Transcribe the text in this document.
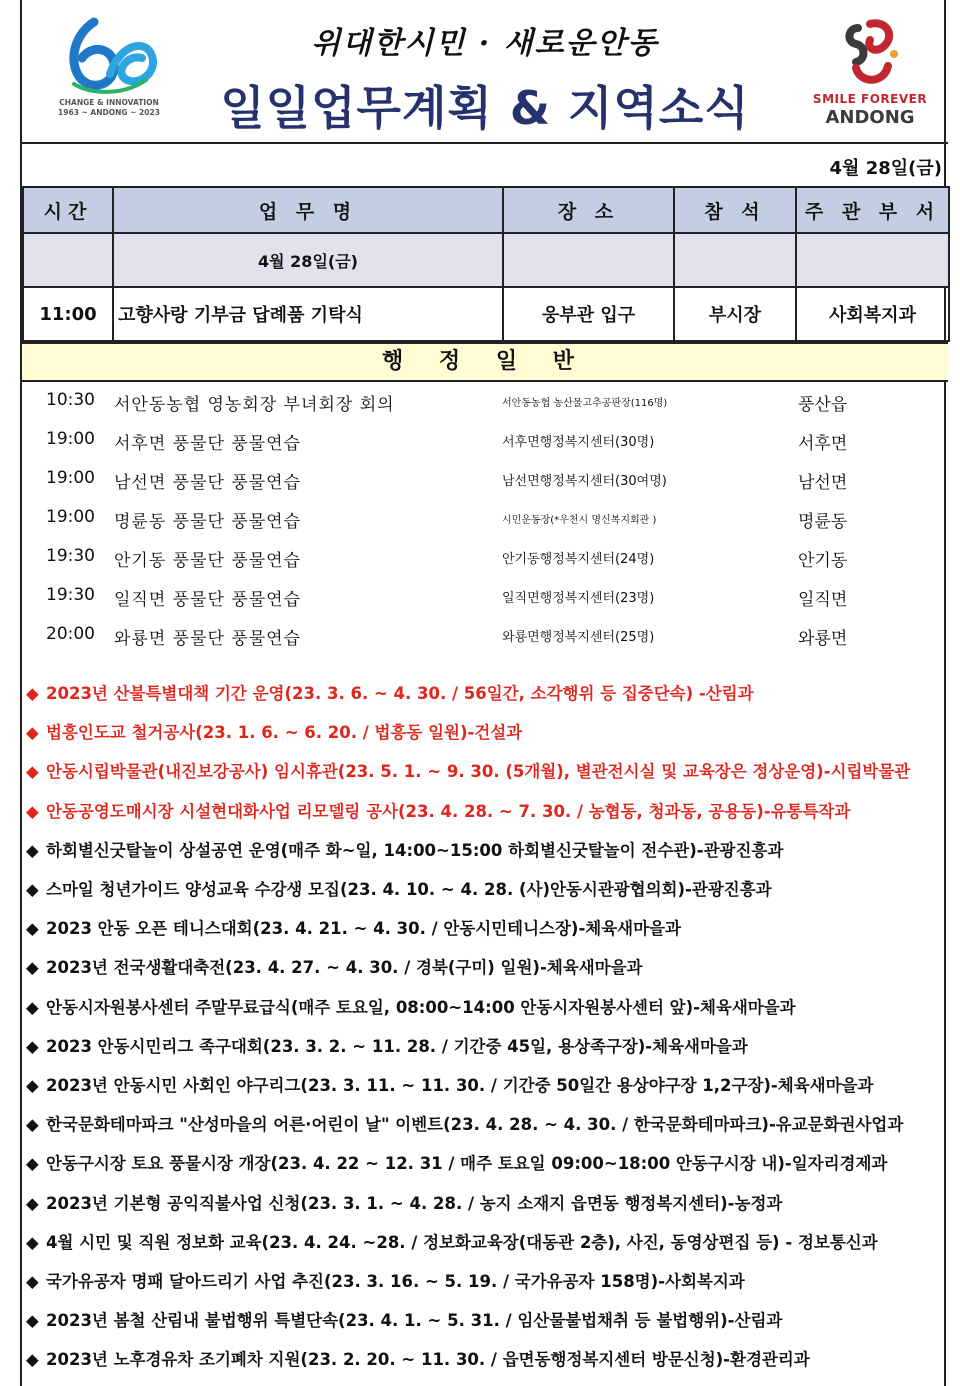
CHANGE & INNOVATION
1963 ~ ANDONG ~ 2023
위대한시민 · 새로운안동
일일업무계획 & 지역소식	SMILE FOREVER
ANDONG
4월 28일(금)
시간	업 무 명	장 소	참 석	주 관 부 서
	4월 28일(금)			
11:00	고향사랑 기부금 답례품 기탁식	웅부관 입구	부시장	사회복지과
행 정 일 반
10:30 서안동농협 영농회장 부녀회장 회의	서안동농협 농산물고추공판장(116명)	풍산읍
19:00 서후면 풍물단 풍물연습	서후면행정복지센터(30명)	서후면
19:00 남선면 풍물단 풍물연습	남선면행정복지센터(30여명)	남선면
19:00 명륜동 풍물단 풍물연습	시민운동장(*우천시 명신복지회관 )	명륜동
19:30 안기동 풍물단 풍물연습	안기동행정복지센터(24명)	안기동
19:30 일직면 풍물단 풍물연습	일직면행정복지센터(23명)	일직면
20:00 와룡면 풍물단 풍물연습	와룡면행정복지센터(25명)	와룡면
◆ 2023년 산불특별대책 기간 운영(23. 3. 6. ~ 4. 30. / 56일간, 소각행위 등 집중단속) -산림과
◆ 법흥인도교 철거공사(23. 1. 6. ~ 6. 20. / 법흥동 일원)-건설과
◆ 안동시립박물관(내진보강공사) 임시휴관(23. 5. 1. ~ 9. 30. (5개월), 별관전시실 및 교육장은 정상운영)-시립박물관
◆ 안동공영도매시장 시설현대화사업 리모델링 공사(23. 4. 28. ~ 7. 30. / 농협동, 청과동, 공용동)-유통특작과
◆ 하회별신굿탈놀이 상설공연 운영(매주 화~일, 14:00~15:00 하회별신굿탈놀이 전수관)-관광진흥과
◆ 스마일 청년가이드 양성교육 수강생 모집(23. 4. 10. ~ 4. 28. (사)안동시관광협의회)-관광진흥과
◆ 2023 안동 오픈 테니스대회(23. 4. 21. ~ 4. 30. / 안동시민테니스장)-체육새마을과
◆ 2023년 전국생활대축전(23. 4. 27. ~ 4. 30. / 경북(구미) 일원)-체육새마을과
◆ 안동시자원봉사센터 주말무료급식(매주 토요일, 08:00~14:00 안동시자원봉사센터 앞)-체육새마을과
◆ 2023 안동시민리그 족구대회(23. 3. 2. ~ 11. 28. / 기간중 45일, 용상족구장)-체육새마을과
◆ 2023년 안동시민 사회인 야구리그(23. 3. 11. ~ 11. 30. / 기간중 50일간 용상야구장 1,2구장)-체육새마을과
◆ 한국문화테마파크 "산성마을의 어른·어린이 날" 이벤트(23. 4. 28. ~ 4. 30. / 한국문화테마파크)-유교문화권사업과
◆ 안동구시장 토요 풍물시장 개장(23. 4. 22 ~ 12. 31 / 매주 토요일 09:00~18:00 안동구시장 내)-일자리경제과
◆ 2023년 기본형 공익직불사업 신청(23. 3. 1. ~ 4. 28. / 농지 소재지 읍면동 행정복지센터)-농정과
◆ 4월 시민 및 직원 정보화 교육(23. 4. 24. ~28. / 정보화교육장(대동관 2층), 사진, 동영상편집 등) - 정보통신과
◆ 국가유공자 명패 달아드리기 사업 추진(23. 3. 16. ~ 5. 19. / 국가유공자 158명)-사회복지과
◆ 2023년 봄철 산림내 불법행위 특별단속(23. 4. 1. ~ 5. 31. / 임산물불법채취 등 불법행위)-산림과
◆ 2023년 노후경유차 조기폐차 지원(23. 2. 20. ~ 11. 30. / 읍면동행정복지센터 방문신청)-환경관리과
